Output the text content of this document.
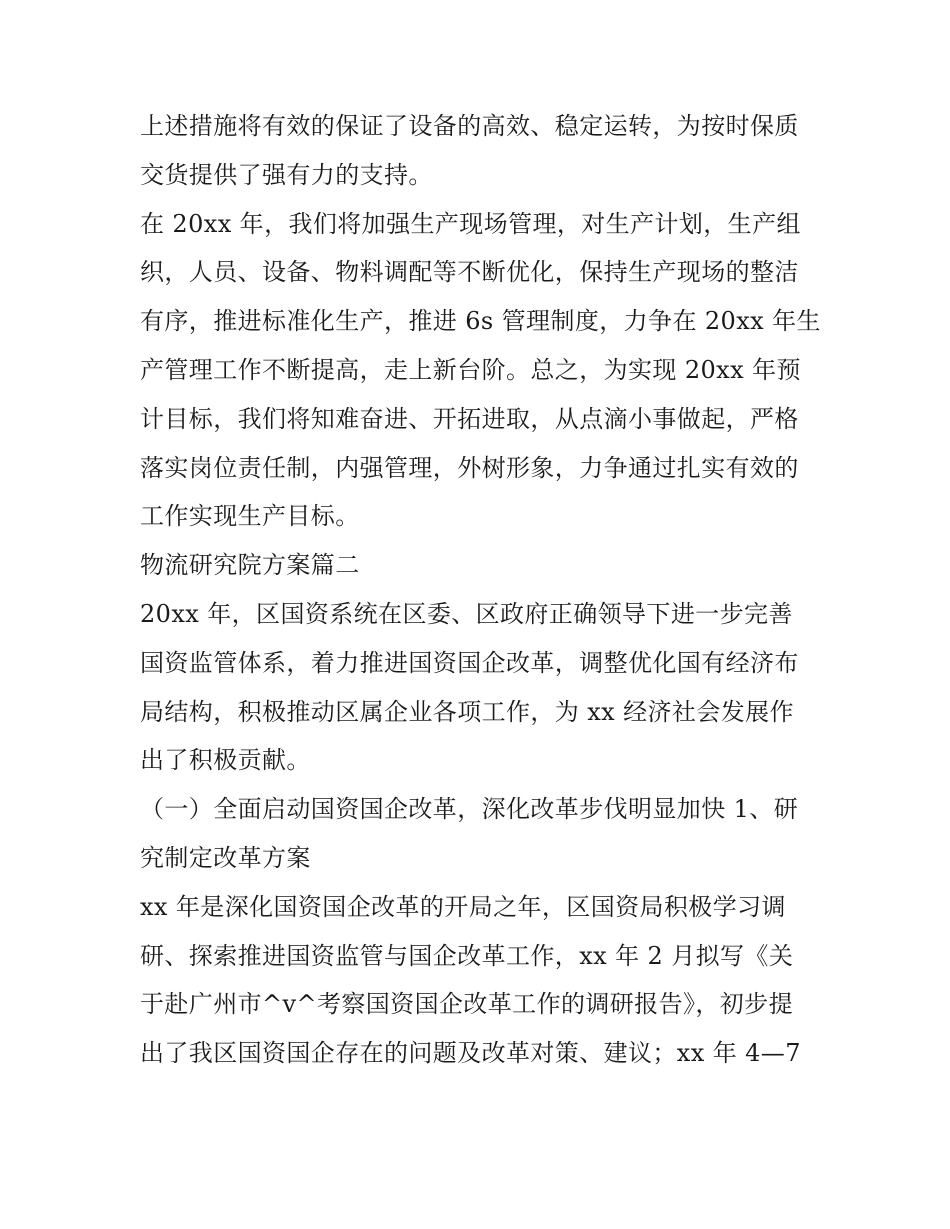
上述措施将有效的保证了设备的高效、稳定运转，为按时保质
交货提供了强有力的支持。
在 20xx 年，我们将加强生产现场管理，对生产计划，生产组
织，人员、设备、物料调配等不断优化，保持生产现场的整洁
有序，推进标准化生产，推进 6s 管理制度，力争在 20xx 年生
产管理工作不断提高，走上新台阶。总之，为实现 20xx 年预
计目标，我们将知难奋进、开拓进取，从点滴小事做起，严格
落实岗位责任制，内强管理，外树形象，力争通过扎实有效的
工作实现生产目标。
物流研究院方案篇二
20xx 年，区国资系统在区委、区政府正确领导下进一步完善
国资监管体系，着力推进国资国企改革，调整优化国有经济布
局结构，积极推动区属企业各项工作，为 xx 经济社会发展作
出了积极贡献。
（一）全面启动国资国企改革，深化改革步伐明显加快 1、研
究制定改革方案
xx 年是深化国资国企改革的开局之年，区国资局积极学习调
研、探索推进国资监管与国企改革工作，xx 年 2 月拟写《关
于赴广州市^v^考察国资国企改革工作的调研报告》，初步提
出了我区国资国企存在的问题及改革对策、建议；xx 年 4—7
